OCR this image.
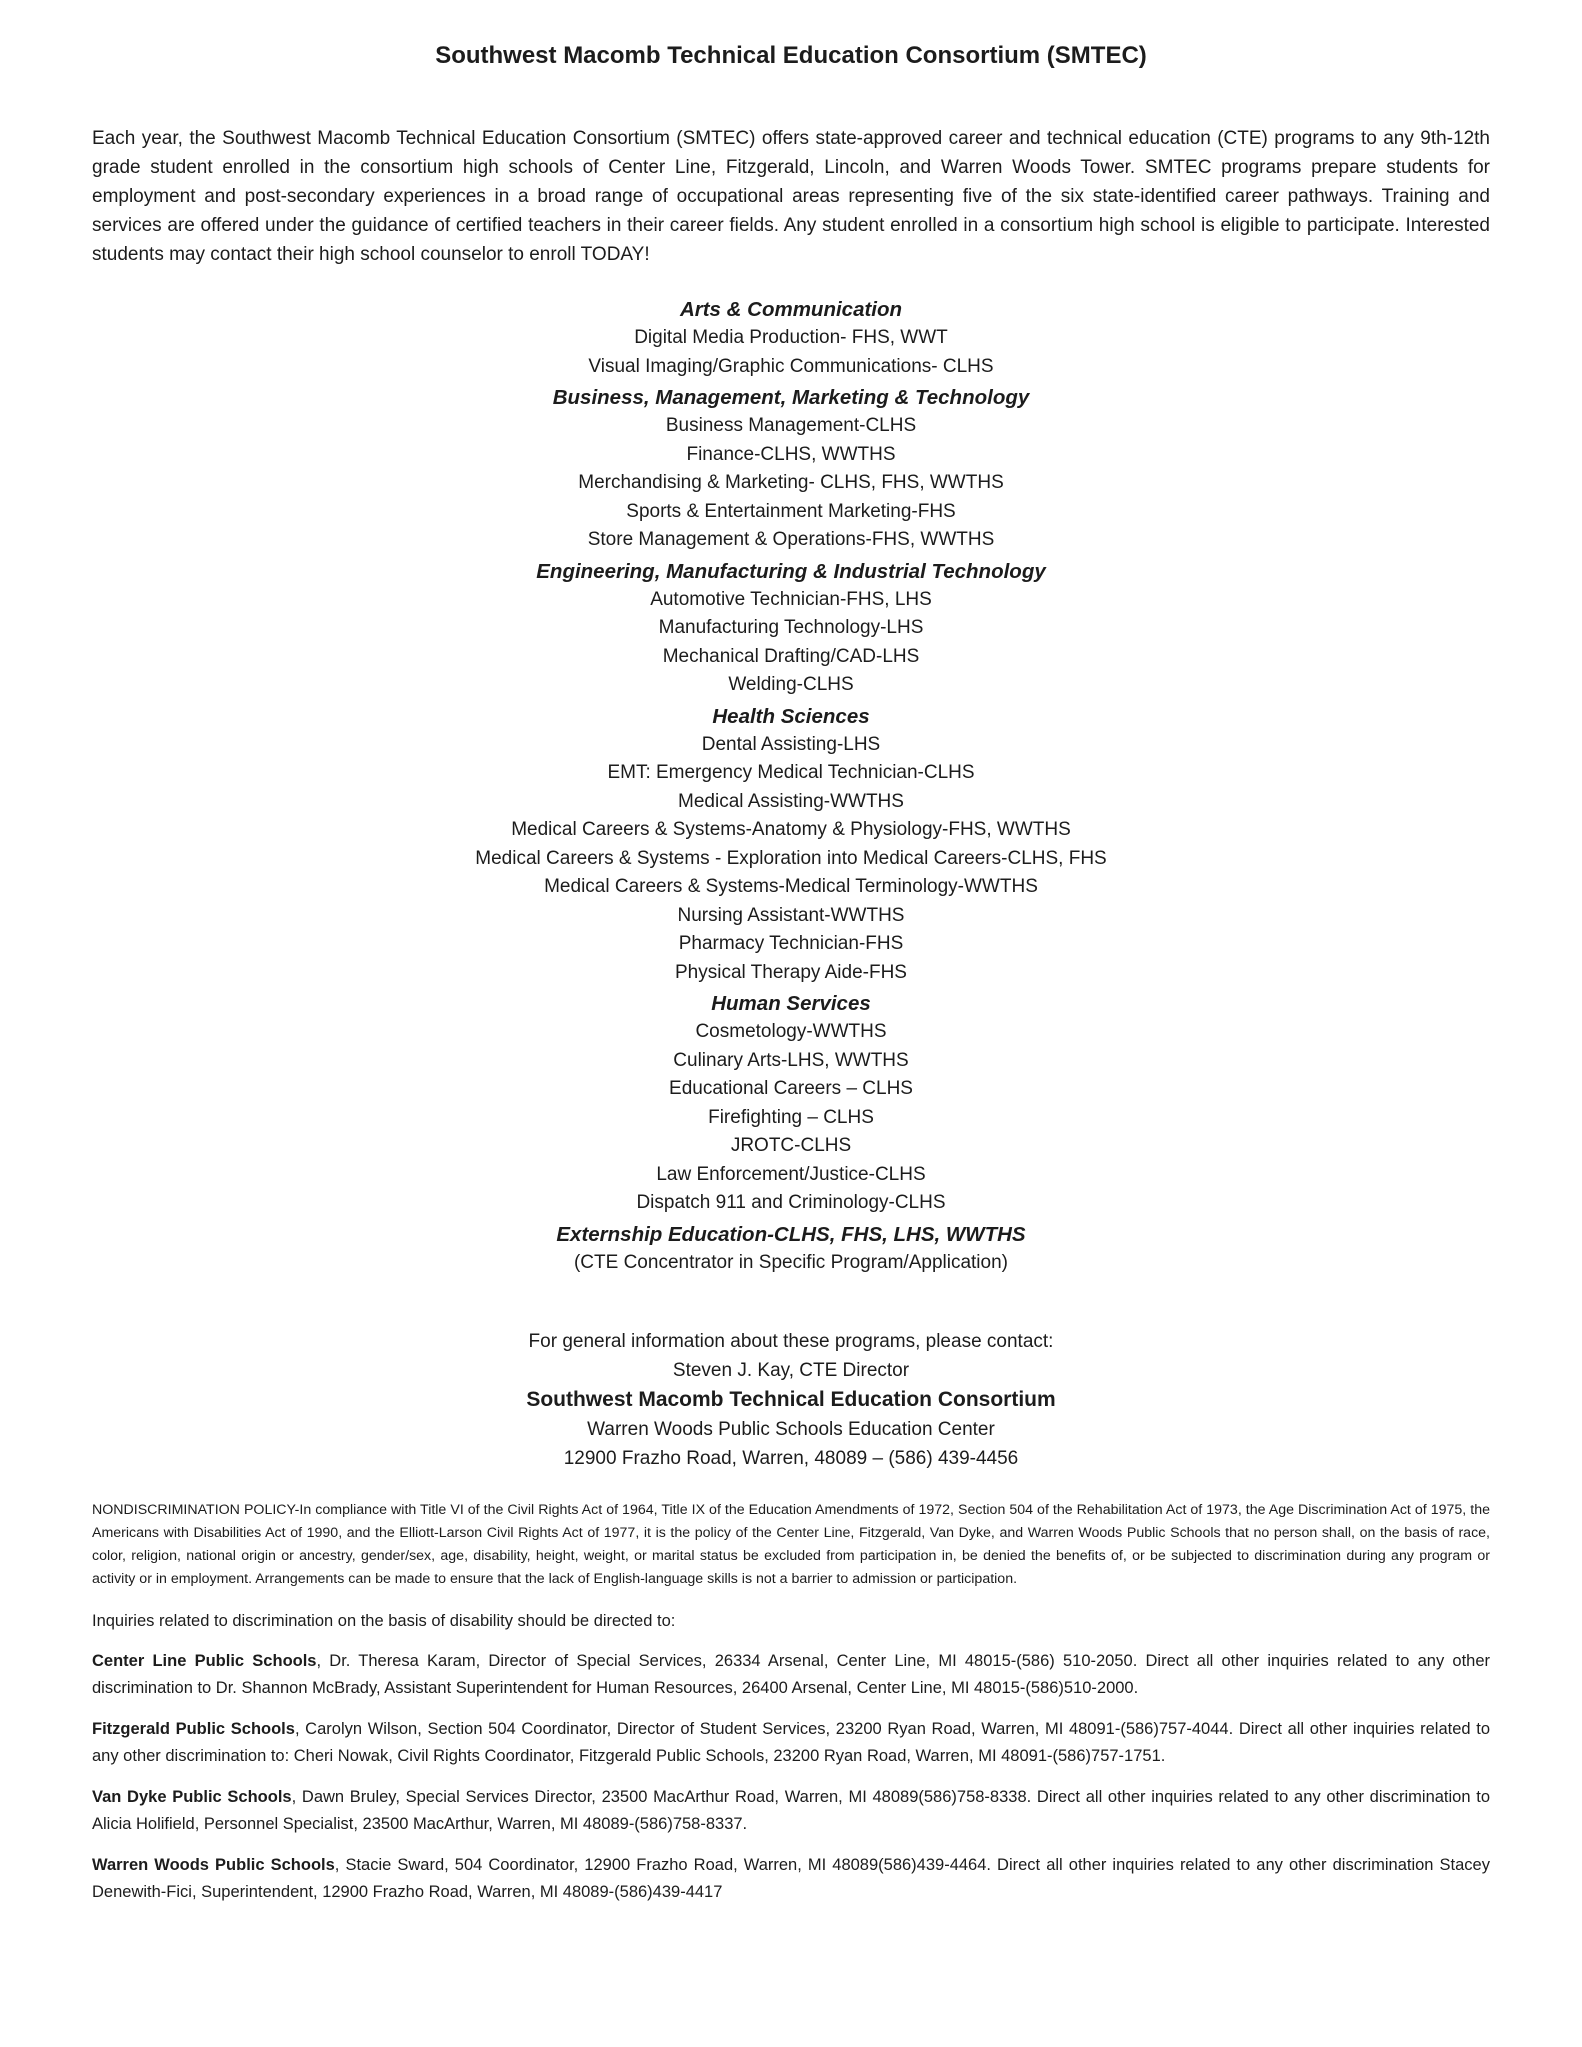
Southwest Macomb Technical Education Consortium (SMTEC)

Each year, the Southwest Macomb Technical Education Consortium (SMTEC) offers state-approved career and technical education (CTE) programs to any 9th-12th grade student enrolled in the consortium high schools of Center Line, Fitzgerald, Lincoln, and Warren Woods Tower. SMTEC programs prepare students for employment and post-secondary experiences in a broad range of occupational areas representing five of the six state-identified career pathways. Training and services are offered under the guidance of certified teachers in their career fields. Any student enrolled in a consortium high school is eligible to participate. Interested students may contact their high school counselor to enroll TODAY!

Arts & Communication
Digital Media Production- FHS, WWT
Visual Imaging/Graphic Communications- CLHS
Business, Management, Marketing & Technology
Business Management-CLHS
Finance-CLHS, WWTHS
Merchandising & Marketing- CLHS, FHS, WWTHS
Sports & Entertainment Marketing-FHS
Store Management & Operations-FHS, WWTHS
Engineering, Manufacturing & Industrial Technology
Automotive Technician-FHS, LHS
Manufacturing Technology-LHS
Mechanical Drafting/CAD-LHS
Welding-CLHS
Health Sciences
Dental Assisting-LHS
EMT: Emergency Medical Technician-CLHS
Medical Assisting-WWTHS
Medical Careers & Systems-Anatomy & Physiology-FHS, WWTHS
Medical Careers & Systems - Exploration into Medical Careers-CLHS, FHS
Medical Careers & Systems-Medical Terminology-WWTHS
Nursing Assistant-WWTHS
Pharmacy Technician-FHS
Physical Therapy Aide-FHS
Human Services
Cosmetology-WWTHS
Culinary Arts-LHS, WWTHS
Educational Careers – CLHS
Firefighting – CLHS
JROTC-CLHS
Law Enforcement/Justice-CLHS
Dispatch 911 and Criminology-CLHS
Externship Education-CLHS, FHS, LHS, WWTHS
(CTE Concentrator in Specific Program/Application)
For general information about these programs, please contact:
Steven J. Kay, CTE Director
Southwest Macomb Technical Education Consortium
Warren Woods Public Schools Education Center
12900 Frazho Road, Warren, 48089 – (586) 439-4456

NONDISCRIMINATION POLICY-In compliance with Title VI of the Civil Rights Act of 1964, Title IX of the Education Amendments of 1972, Section 504 of the Rehabilitation Act of 1973, the Age Discrimination Act of 1975, the Americans with Disabilities Act of 1990, and the Elliott-Larson Civil Rights Act of 1977, it is the policy of the Center Line, Fitzgerald, Van Dyke, and Warren Woods Public Schools that no person shall, on the basis of race, color, religion, national origin or ancestry, gender/sex, age, disability, height, weight, or marital status be excluded from participation in, be denied the benefits of, or be subjected to discrimination during any program or activity or in employment. Arrangements can be made to ensure that the lack of English-language skills is not a barrier to admission or participation.

Inquiries related to discrimination on the basis of disability should be directed to:

Center Line Public Schools, Dr. Theresa Karam, Director of Special Services, 26334 Arsenal, Center Line, MI 48015-(586) 510-2050. Direct all other inquiries related to any other discrimination to Dr. Shannon McBrady, Assistant Superintendent for Human Resources, 26400 Arsenal, Center Line, MI 48015-(586)510-2000.

Fitzgerald Public Schools, Carolyn Wilson, Section 504 Coordinator, Director of Student Services, 23200 Ryan Road, Warren, MI 48091-(586)757-4044. Direct all other inquiries related to any other discrimination to: Cheri Nowak, Civil Rights Coordinator, Fitzgerald Public Schools, 23200 Ryan Road, Warren, MI 48091-(586)757-1751.

Van Dyke Public Schools, Dawn Bruley, Special Services Director, 23500 MacArthur Road, Warren, MI 48089(586)758-8338. Direct all other inquiries related to any other discrimination to Alicia Holifield, Personnel Specialist, 23500 MacArthur, Warren, MI 48089-(586)758-8337.

Warren Woods Public Schools, Stacie Sward, 504 Coordinator, 12900 Frazho Road, Warren, MI 48089(586)439-4464. Direct all other inquiries related to any other discrimination Stacey Denewith-Fici, Superintendent, 12900 Frazho Road, Warren, MI 48089-(586)439-4417
